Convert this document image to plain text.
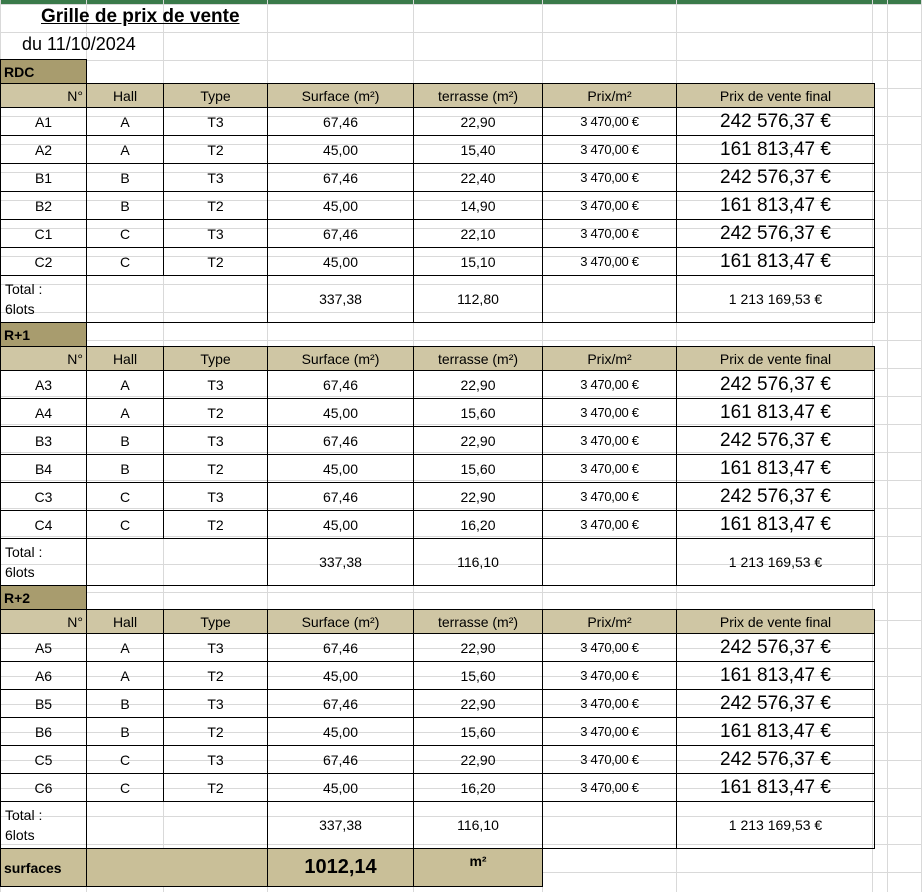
Grille de prix de vente
du 11/10/2024
RDC						
N°	Hall	Type	Surface (m²)	terrasse (m²)	Prix/m²	Prix de vente final
A1	A	T3	67,46	22,90	3 470,00 €	242 576,37 €
A2	A	T2	45,00	15,40	3 470,00 €	161 813,47 €
B1	B	T3	67,46	22,40	3 470,00 €	242 576,37 €
B2	B	T2	45,00	14,90	3 470,00 €	161 813,47 €
C1	C	T3	67,46	22,10	3 470,00 €	242 576,37 €
C2	C	T2	45,00	15,10	3 470,00 €	161 813,47 €

Total :
6lots			337,38	112,80		1 213 169,53 €
R+1						
N°	Hall	Type	Surface (m²)	terrasse (m²)	Prix/m²	Prix de vente final
A3	A	T3	67,46	22,90	3 470,00 €	242 576,37 €
A4	A	T2	45,00	15,60	3 470,00 €	161 813,47 €
B3	B	T3	67,46	22,90	3 470,00 €	242 576,37 €
B4	B	T2	45,00	15,60	3 470,00 €	161 813,47 €
C3	C	T3	67,46	22,90	3 470,00 €	242 576,37 €
C4	C	T2	45,00	16,20	3 470,00 €	161 813,47 €

Total :
6lots			337,38	116,10		1 213 169,53 €
R+2						
N°	Hall	Type	Surface (m²)	terrasse (m²)	Prix/m²	Prix de vente final
A5	A	T3	67,46	22,90	3 470,00 €	242 576,37 €
A6	A	T2	45,00	15,60	3 470,00 €	161 813,47 €
B5	B	T3	67,46	22,90	3 470,00 €	242 576,37 €
B6	B	T2	45,00	15,60	3 470,00 €	161 813,47 €
C5	C	T3	67,46	22,90	3 470,00 €	242 576,37 €
C6	C	T2	45,00	16,20	3 470,00 €	161 813,47 €

Total :
6lots			337,38	116,10		1 213 169,53 €
surfaces			1012,14	m²		
